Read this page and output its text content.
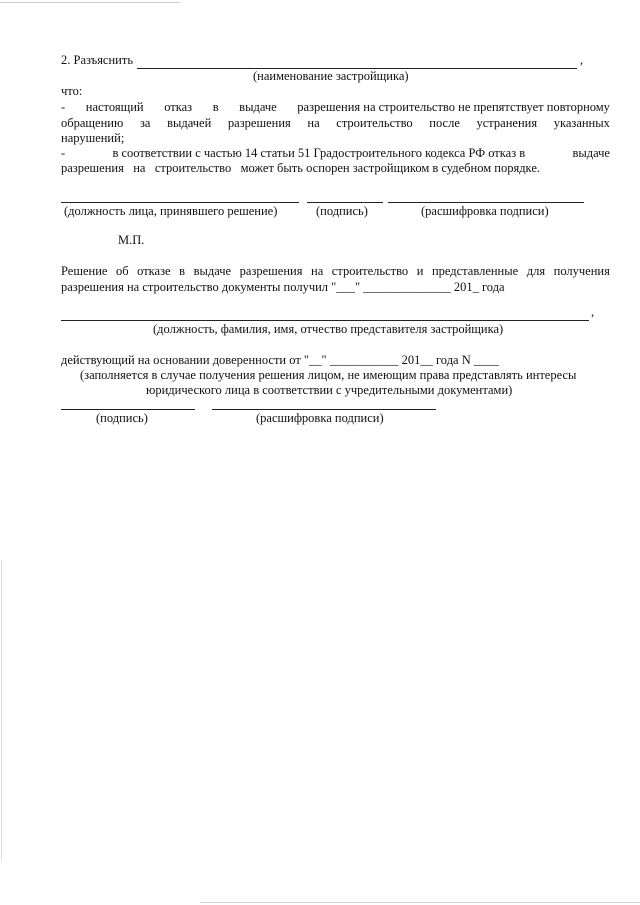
2. Разъяснить	,
(наименование застройщика)
что:
- настоящий отказ в выдаче разрешения на строительство не препятствует повторному
обращению за выдачей разрешения на строительство после устранения указанных
нарушений;
-	в соответствии с частью 14 статьи 51 Градостроительного кодекса РФ отказ в	выдаче
разрешения   на   строительство   может быть оспорен застройщиком в судебном порядке.
(должность лица, принявшего решение)	(подпись)	(расшифровка подписи)
М.П.
Решение об отказе в выдаче разрешения на строительство и представленные для получения
разрешения на строительство документы получил "___" ______________ 201_ года
,
(должность, фамилия, имя, отчество представителя застройщика)
действующий на основании доверенности от "__" ___________ 201__ года N ____
(заполняется в случае получения решения лицом, не имеющим права представлять интересы
юридического лица в соответствии с учредительными документами)
(подпись)	(расшифровка подписи)
